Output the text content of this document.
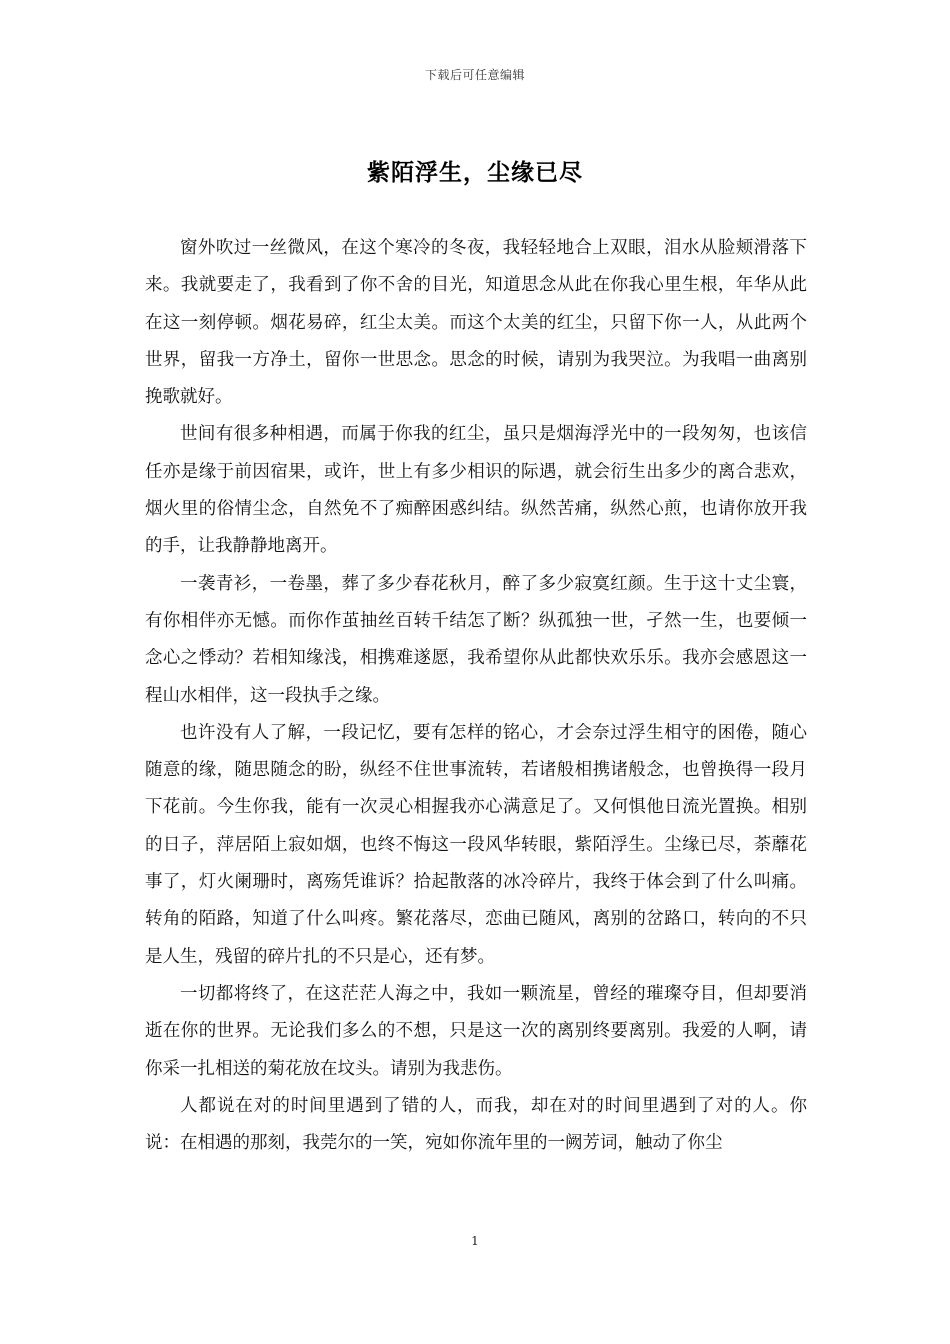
下载后可任意编辑
紫陌浮生，尘缘已尽

窗外吹过一丝微风，在这个寒冷的冬夜，我轻轻地合上双眼，泪水从脸颊滑落下来。我就要走了，我看到了你不舍的目光，知道思念从此在你我心里生根，年华从此在这一刻停顿。烟花易碎，红尘太美。而这个太美的红尘，只留下你一人，从此两个世界，留我一方净土，留你一世思念。思念的时候，请别为我哭泣。为我唱一曲离别挽歌就好。

世间有很多种相遇，而属于你我的红尘，虽只是烟海浮光中的一段匆匆，也该信任亦是缘于前因宿果，或许，世上有多少相识的际遇，就会衍生出多少的离合悲欢，烟火里的俗情尘念，自然免不了痴醉困惑纠结。纵然苦痛，纵然心煎，也请你放开我的手，让我静静地离开。

一袭青衫，一卷墨，葬了多少春花秋月，醉了多少寂寞红颜。生于这十丈尘寰，有你相伴亦无憾。而你作茧抽丝百转千结怎了断？纵孤独一世，孑然一生，也要倾一念心之悸动？若相知缘浅，相携难遂愿，我希望你从此都快欢乐乐。我亦会感恩这一程山水相伴，这一段执手之缘。

也许没有人了解，一段记忆，要有怎样的铭心，才会奈过浮生相守的困倦，随心随意的缘，随思随念的盼，纵经不住世事流转，若诸般相携诸般念，也曾换得一段月下花前。今生你我，能有一次灵心相握我亦心满意足了。又何惧他日流光置换。相别的日子，萍居陌上寂如烟，也终不悔这一段风华转眼，紫陌浮生。尘缘已尽，荼蘼花事了，灯火阑珊时，离殇凭谁诉？拾起散落的冰冷碎片，我终于体会到了什么叫痛。转角的陌路，知道了什么叫疼。繁花落尽，恋曲已随风，离别的岔路口，转向的不只是人生，残留的碎片扎的不只是心，还有梦。

一切都将终了，在这茫茫人海之中，我如一颗流星，曾经的璀璨夺目，但却要消逝在你的世界。无论我们多么的不想，只是这一次的离别终要离别。我爱的人啊，请你采一扎相送的菊花放在坟头。请别为我悲伤。

人都说在对的时间里遇到了错的人，而我，却在对的时间里遇到了对的人。你说：在相遇的那刻，我莞尔的一笑，宛如你流年里的一阙芳词，触动了你尘

1
